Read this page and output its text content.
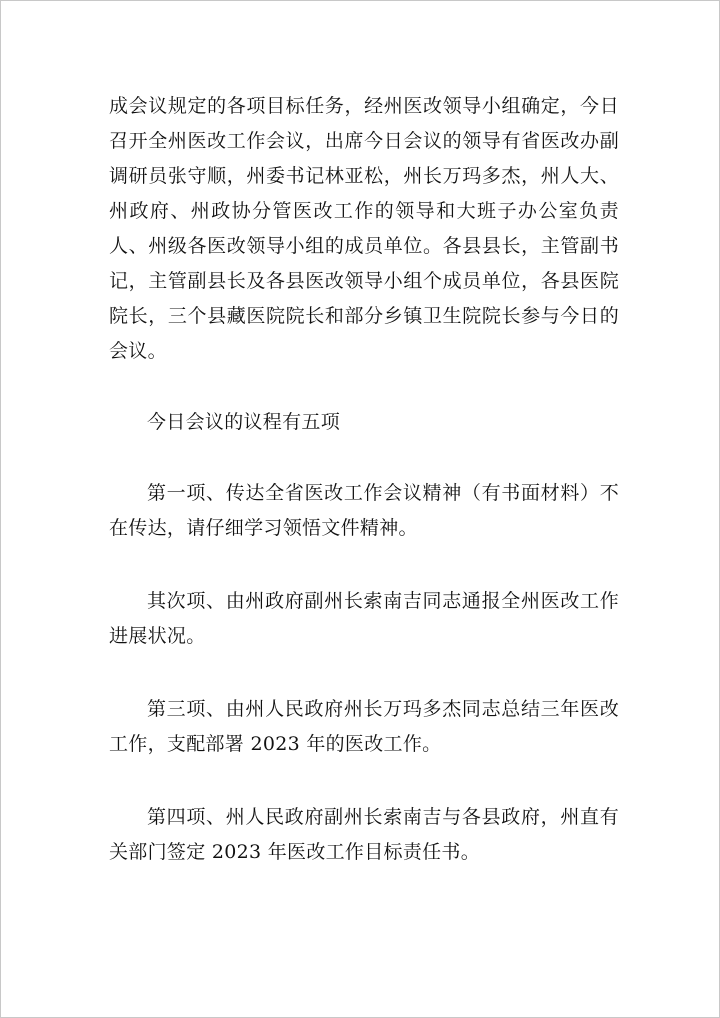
成会议规定的各项目标任务，经州医改领导小组确定，今日召开全州医改工作会议，出席今日会议的领导有省医改办副调研员张守顺，州委书记林亚松，州长万玛多杰，州人大、州政府、州政协分管医改工作的领导和大班子办公室负责人、州级各医改领导小组的成员单位。各县县长，主管副书记，主管副县长及各县医改领导小组个成员单位，各县医院院长，三个县藏医院院长和部分乡镇卫生院院长参与今日的会议。

今日会议的议程有五项

第一项、传达全省医改工作会议精神（有书面材料）不在传达，请仔细学习领悟文件精神。

其次项、由州政府副州长索南吉同志通报全州医改工作进展状况。

第三项、由州人民政府州长万玛多杰同志总结三年医改工作，支配部署 2023 年的医改工作。

第四项、州人民政府副州长索南吉与各县政府，州直有关部门签定 2023 年医改工作目标责任书。
